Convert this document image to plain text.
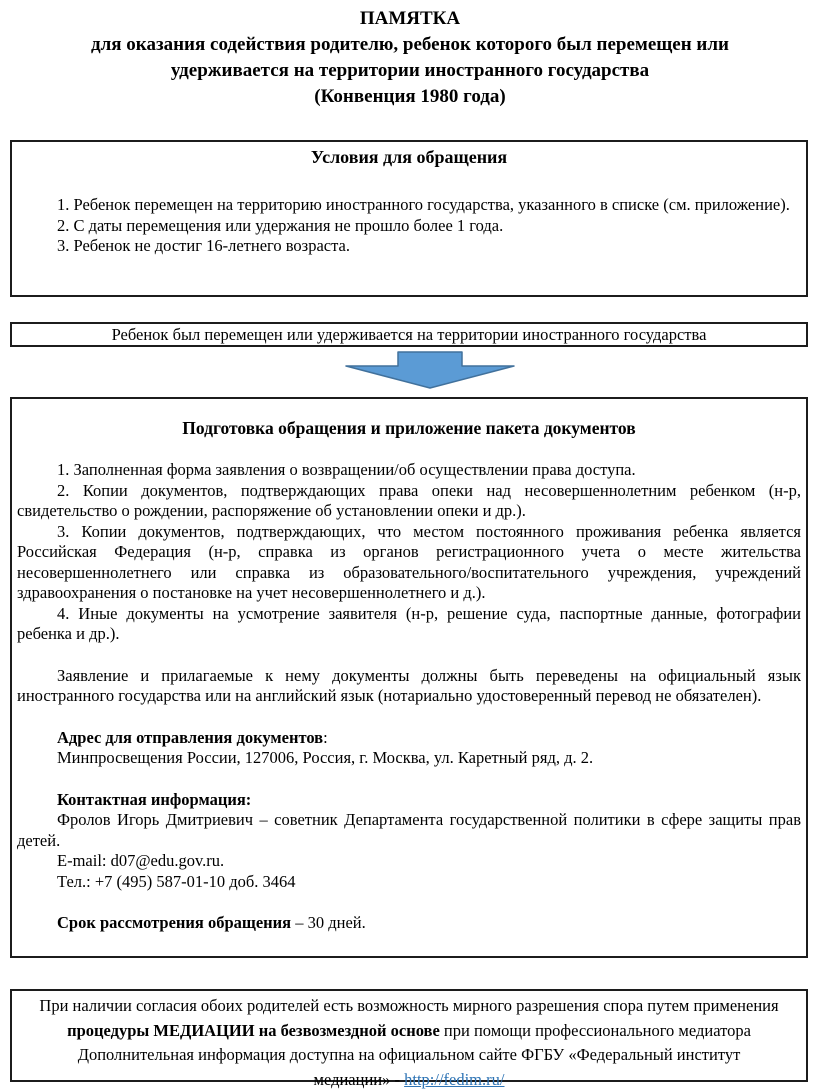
ПАМЯТКА
для оказания содействия родителю, ребенок которого был перемещен или
удерживается на территории иностранного государства
(Конвенция 1980 года)
Условия для обращения

1. Ребенок перемещен на территорию иностранного государства, указанного в списке (см. приложение).

2. С даты перемещения или удержания не прошло более 1 года.

3. Ребенок не достиг 16-летнего возраста.

Ребенок был перемещен или удерживается на территории иностранного государства

Подготовка обращения и приложение пакета документов

1. Заполненная форма заявления о возвращении/об осуществлении права доступа.

2. Копии документов, подтверждающих права опеки над несовершеннолетним ребенком (н-р, свидетельство о рождении, распоряжение об установлении опеки и др.).

3. Копии документов, подтверждающих, что местом постоянного проживания ребенка является Российская Федерация (н-р, справка из органов регистрационного учета о месте жительства несовершеннолетнего или справка из образовательного/воспитательного учреждения, учреждений здравоохранения о постановке на учет несовершеннолетнего и д.).

4. Иные документы на усмотрение заявителя (н-р, решение суда, паспортные данные, фотографии ребенка и др.).

Заявление и прилагаемые к нему документы должны быть переведены на официальный язык иностранного государства или на английский язык (нотариально удостоверенный перевод не обязателен).

Адрес для отправления документов:

Минпросвещения России, 127006, Россия, г. Москва, ул. Каретный ряд, д. 2.

Контактная информация:

Фролов Игорь Дмитриевич – советник Департамента государственной политики в сфере защиты прав детей.

E-mail: d07@edu.gov.ru.

Тел.: +7 (495) 587-01-10 доб. 3464

Срок рассмотрения обращения – 30 дней.

При наличии согласия обоих родителей есть возможность мирного разрешения спора путем применения процедуры МЕДИАЦИИ на безвозмездной основе при помощи профессионального медиатора Дополнительная информация доступна на официальном сайте ФГБУ «Федеральный институт медиации» - http://fedim.ru/
